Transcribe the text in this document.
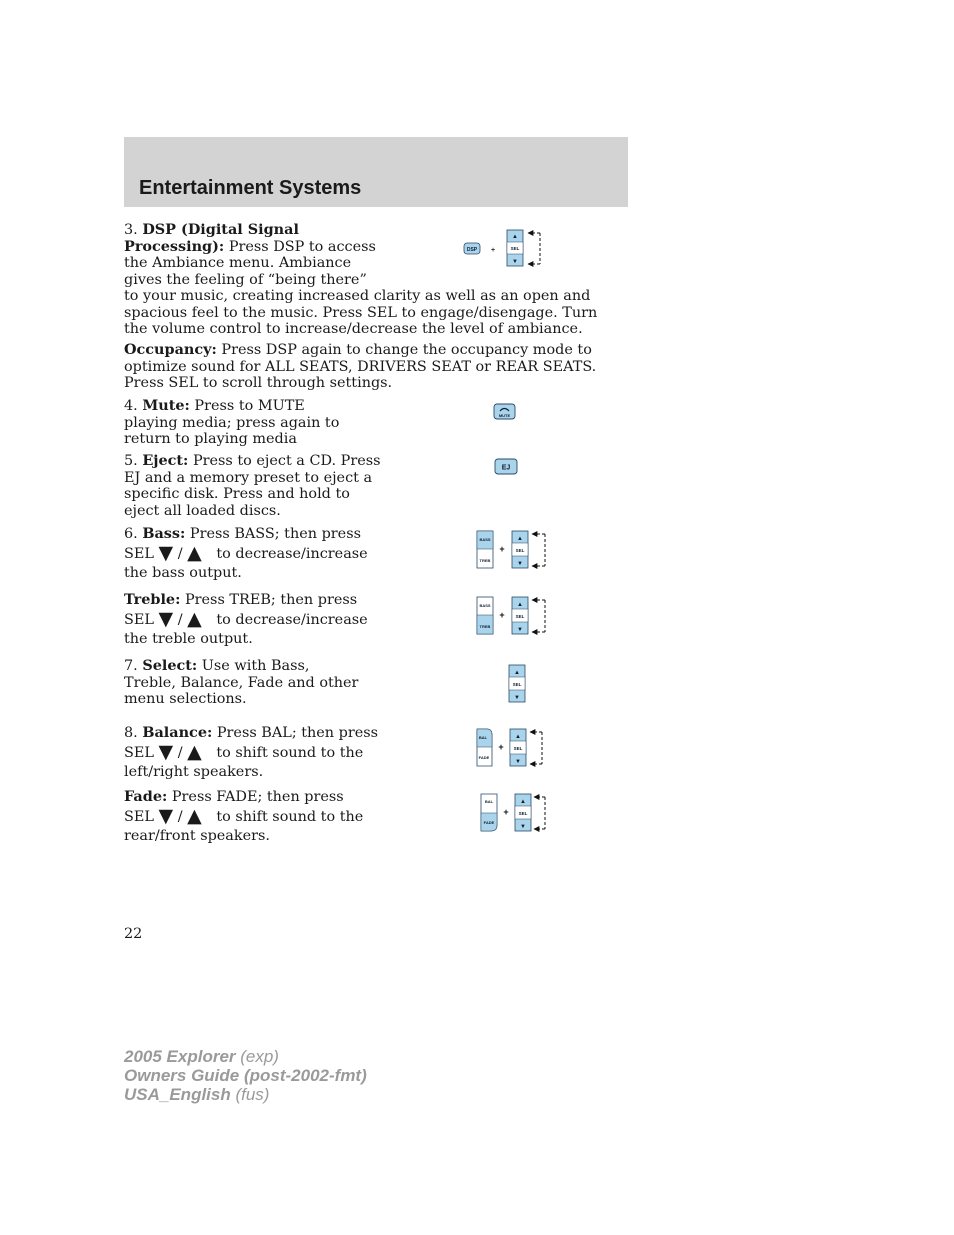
Entertainment Systems
3. DSP (Digital Signal Processing): Press DSP to access
the Ambiance menu. Ambiance gives the feeling of “being there” to your music, creating increased clarity as well as an open and spacious feel to the music. Press SEL to engage/disengage. Turn the volume control to increase/decrease the level of ambiance.
Occupancy: Press DSP again to change the occupancy mode to optimize sound for ALL SEATS, DRIVERS SEAT or REAR SEATS. Press SEL to scroll through settings.
4. Mute: Press to MUTE playing media; press again to return to playing media
5. Eject: Press to eject a CD. Press EJ and a memory preset to eject a specific disk. Press and hold to eject all loaded discs.
6. Bass: Press BASS; then press
SEL ▼ / ▲ to decrease/increase
the bass output.
Treble: Press TREB; then press
SEL ▼ / ▲ to decrease/increase
the treble output.
7. Select: Use with Bass, Treble, Balance, Fade and other menu selections.
8. Balance: Press BAL; then press
SEL ▼ / ▲ to shift sound to the
left/right speakers.
Fade: Press FADE; then press
SEL ▼ / ▲ to shift sound to the
rear/front speakers.
DSP +
▲
SEL
▼
MUTE
EJ
BASS
TREB
+
▲
SEL
▼
BASS
TREB
+
▲
SEL
▼
▲
SEL
▼
BAL
FADE
+
▲
SEL
▼
BAL
FADE
+
▲
SEL
▼
22
2005 Explorer (exp)
Owners Guide (post-2002-fmt)
USA_English (fus)
